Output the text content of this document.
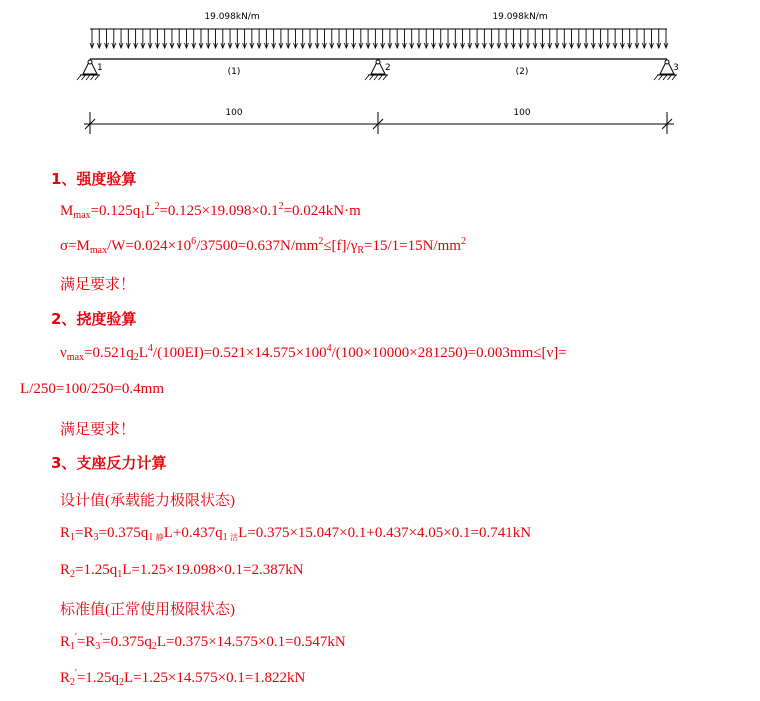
19.098kN/m	19.098kN/m
(1)	(2)
1	2	3
100	100
1、强度验算
$M_{max}=0.125q_1L^2=0.125\times 19.098\times 0.1^2=0.024kN\cdot m$
$\sigma=M_{max}/W=0.024\times 10^6/37500=0.637N/mm^2\le[f]/\gamma_R=15/1=15N/mm^2$
满足要求！
2、挠度验算
$\nu_{max}=0.521q_2L^4/(100EI)=0.521\times 14.575\times 100^4/(100\times 10000\times 281250)=0.003mm\le[\nu]=$
L/250=100/250=0.4mm
满足要求！
3、支座反力计算
设计值(承载能力极限状态)
$R_1=R_3=0.375q_{1 静}L+0.437q_{1 活}L=0.375\times 15.047\times 0.1+0.437\times 4.05\times 0.1=0.741kN$
$R_2=1.25q_1L=1.25\times 19.098\times 0.1=2.387kN$
标准值(正常使用极限状态)
$R_1'=R_3'=0.375q_2L=0.375\times 14.575\times 0.1=0.547kN$
$R_2'=1.25q_2L=1.25\times 14.575\times 0.1=1.822kN$
